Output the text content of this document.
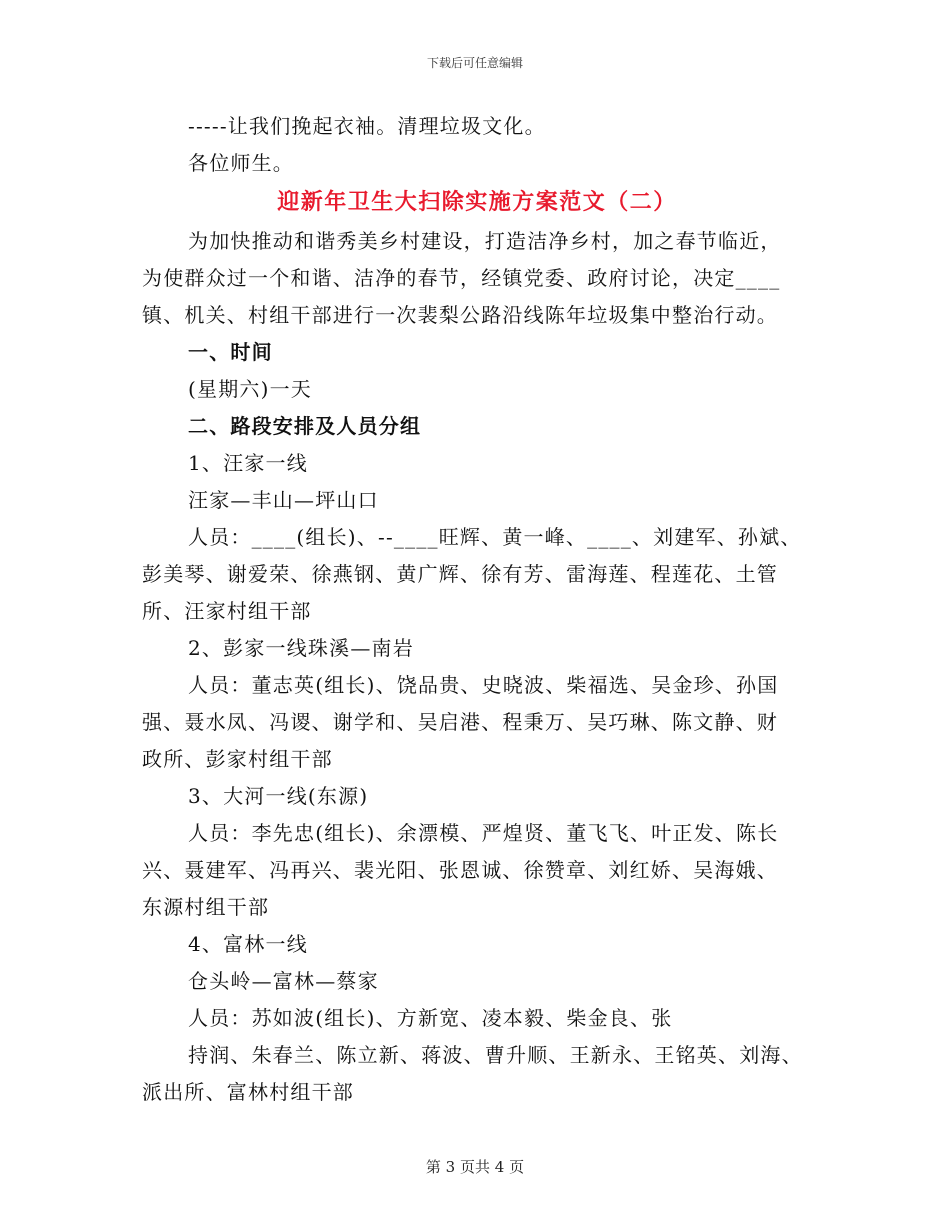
下载后可任意编辑
-----让我们挽起衣袖。清理垃圾文化。
各位师生。
迎新年卫生大扫除实施方案范文（二）
为加快推动和谐秀美乡村建设，打造洁净乡村，加之春节临近，
为使群众过一个和谐、洁净的春节，经镇党委、政府讨论，决定____
镇、机关、村组干部进行一次裴梨公路沿线陈年垃圾集中整治行动。
一、时间
(星期六)一天
二、路段安排及人员分组
1、汪家一线
汪家—丰山—坪山口
人员：____(组长)、--____旺辉、黄一峰、____、刘建军、孙斌、
彭美琴、谢爱荣、徐燕钢、黄广辉、徐有芳、雷海莲、程莲花、土管
所、汪家村组干部
2、彭家一线珠溪—南岩
人员：董志英(组长)、饶品贵、史晓波、柴福选、吴金珍、孙国
强、聂水凤、冯谡、谢学和、吴启港、程秉万、吴巧琳、陈文静、财
政所、彭家村组干部
3、大河一线(东源)
人员：李先忠(组长)、余漂模、严煌贤、董飞飞、叶正发、陈长
兴、聂建军、冯再兴、裴光阳、张恩诚、徐赞章、刘红娇、吴海娥、
东源村组干部
4、富林一线
仓头岭—富林—蔡家
人员：苏如波(组长)、方新宽、凌本毅、柴金良、张
持润、朱春兰、陈立新、蒋波、曹升顺、王新永、王铭英、刘海、
派出所、富林村组干部
第 3 页共 4 页
